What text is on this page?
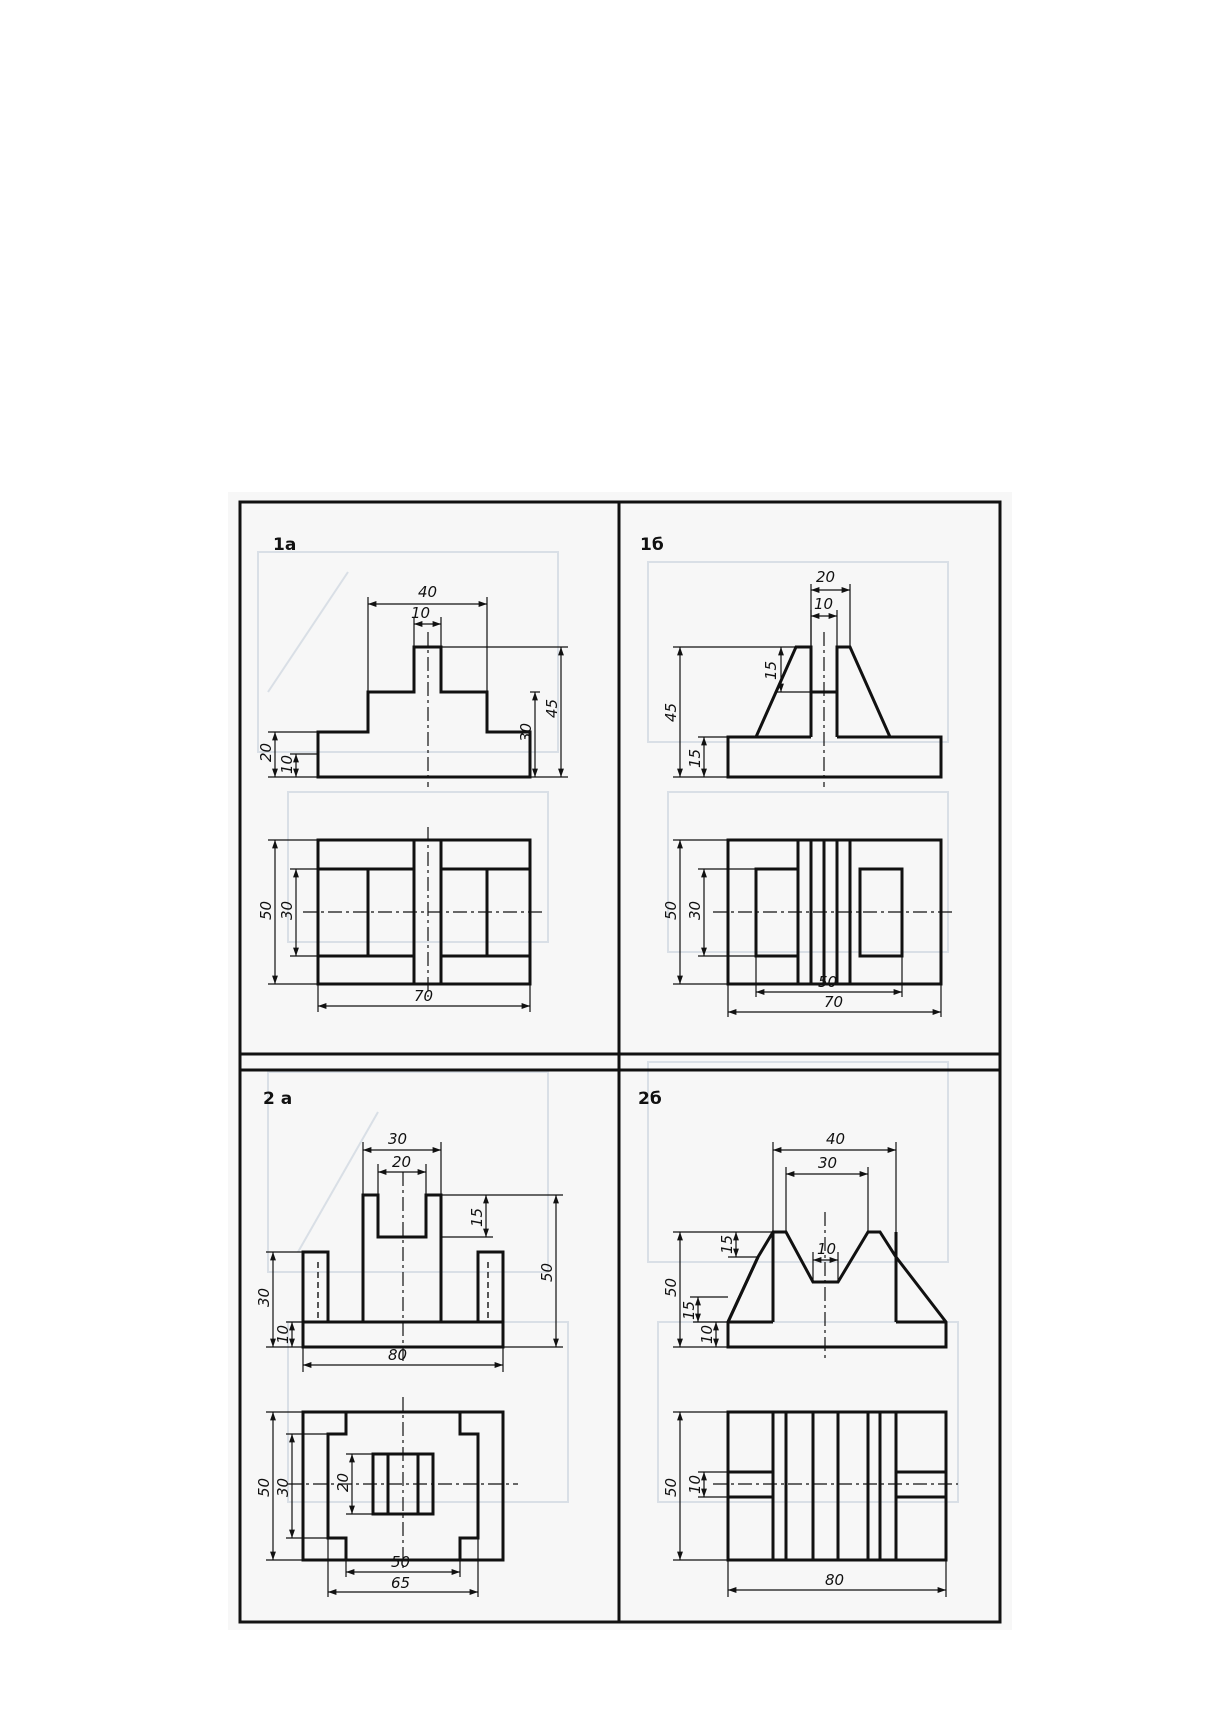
1а
40
10
45
30
20
10
50 30
70
1б
20
10
15
45
15
50 30
50
70
2 а
30
20
15
50
30
10
80
50 30	20
50
65
2б
40
30
10
15
50
15
10
50 10
80
